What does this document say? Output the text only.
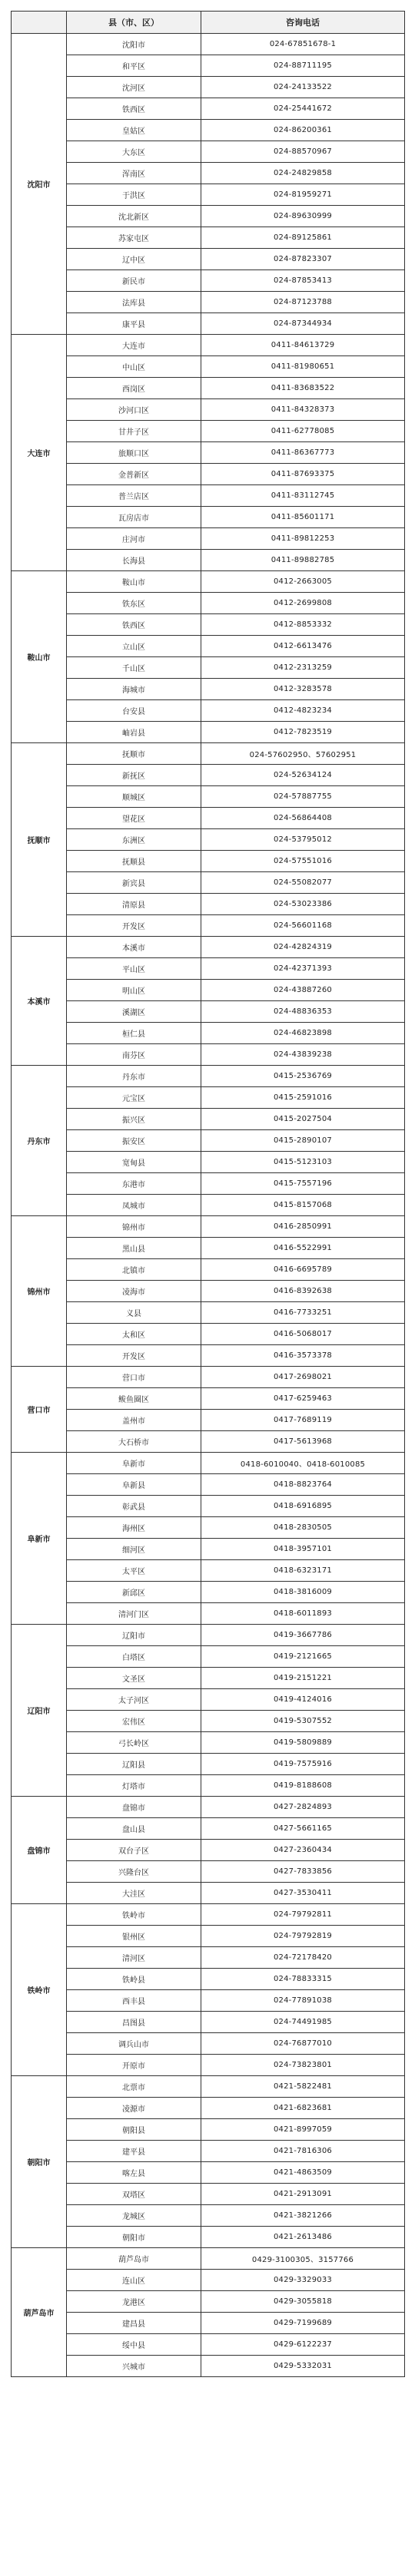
	县（市、区）	咨询电话
沈阳市	沈阳市	024-67851678-1
	和平区	024-88711195
	沈河区	024-24133522
	铁西区	024-25441672
	皇姑区	024-86200361
	大东区	024-88570967
	浑南区	024-24829858
	于洪区	024-81959271
	沈北新区	024-89630999
	苏家屯区	024-89125861
	辽中区	024-87823307
	新民市	024-87853413
	法库县	024-87123788
	康平县	024-87344934
大连市	大连市	0411-84613729
	中山区	0411-81980651
	西岗区	0411-83683522
	沙河口区	0411-84328373
	甘井子区	0411-62778085
	旅顺口区	0411-86367773
	金普新区	0411-87693375
	普兰店区	0411-83112745
	瓦房店市	0411-85601171
	庄河市	0411-89812253
	长海县	0411-89882785
鞍山市	鞍山市	0412-2663005
	铁东区	0412-2699808
	铁西区	0412-8853332
	立山区	0412-6613476
	千山区	0412-2313259
	海城市	0412-3283578
	台安县	0412-4823234
	岫岩县	0412-7823519
抚顺市	抚顺市	024-57602950、57602951
	新抚区	024-52634124
	顺城区	024-57887755
	望花区	024-56864408
	东洲区	024-53795012
	抚顺县	024-57551016
	新宾县	024-55082077
	清原县	024-53023386
	开发区	024-56601168
本溪市	本溪市	024-42824319
	平山区	024-42371393
	明山区	024-43887260
	溪湖区	024-48836353
	桓仁县	024-46823898
	南芬区	024-43839238
丹东市	丹东市	0415-2536769
	元宝区	0415-2591016
	振兴区	0415-2027504
	振安区	0415-2890107
	宽甸县	0415-5123103
	东港市	0415-7557196
	凤城市	0415-8157068
锦州市	锦州市	0416-2850991
	黑山县	0416-5522991
	北镇市	0416-6695789
	凌海市	0416-8392638
	义县	0416-7733251
	太和区	0416-5068017
	开发区	0416-3573378
营口市	营口市	0417-2698021
	鲅鱼圈区	0417-6259463
	盖州市	0417-7689119
	大石桥市	0417-5613968
阜新市	阜新市	0418-6010040、0418-6010085
	阜新县	0418-8823764
	彰武县	0418-6916895
	海州区	0418-2830505
	细河区	0418-3957101
	太平区	0418-6323171
	新邱区	0418-3816009
	清河门区	0418-6011893
辽阳市	辽阳市	0419-3667786
	白塔区	0419-2121665
	文圣区	0419-2151221
	太子河区	0419-4124016
	宏伟区	0419-5307552
	弓长岭区	0419-5809889
	辽阳县	0419-7575916
	灯塔市	0419-8188608
盘锦市	盘锦市	0427-2824893
	盘山县	0427-5661165
	双台子区	0427-2360434
	兴隆台区	0427-7833856
	大洼区	0427-3530411
铁岭市	铁岭市	024-79792811
	银州区	024-79792819
	清河区	024-72178420
	铁岭县	024-78833315
	西丰县	024-77891038
	昌图县	024-74491985
	调兵山市	024-76877010
	开原市	024-73823801
朝阳市	北票市	0421-5822481
	凌源市	0421-6823681
	朝阳县	0421-8997059
	建平县	0421-7816306
	喀左县	0421-4863509
	双塔区	0421-2913091
	龙城区	0421-3821266
	朝阳市	0421-2613486
葫芦岛市	葫芦岛市	0429-3100305、3157766
	连山区	0429-3329033
	龙港区	0429-3055818
	建昌县	0429-7199689
	绥中县	0429-6122237
	兴城市	0429-5332031
